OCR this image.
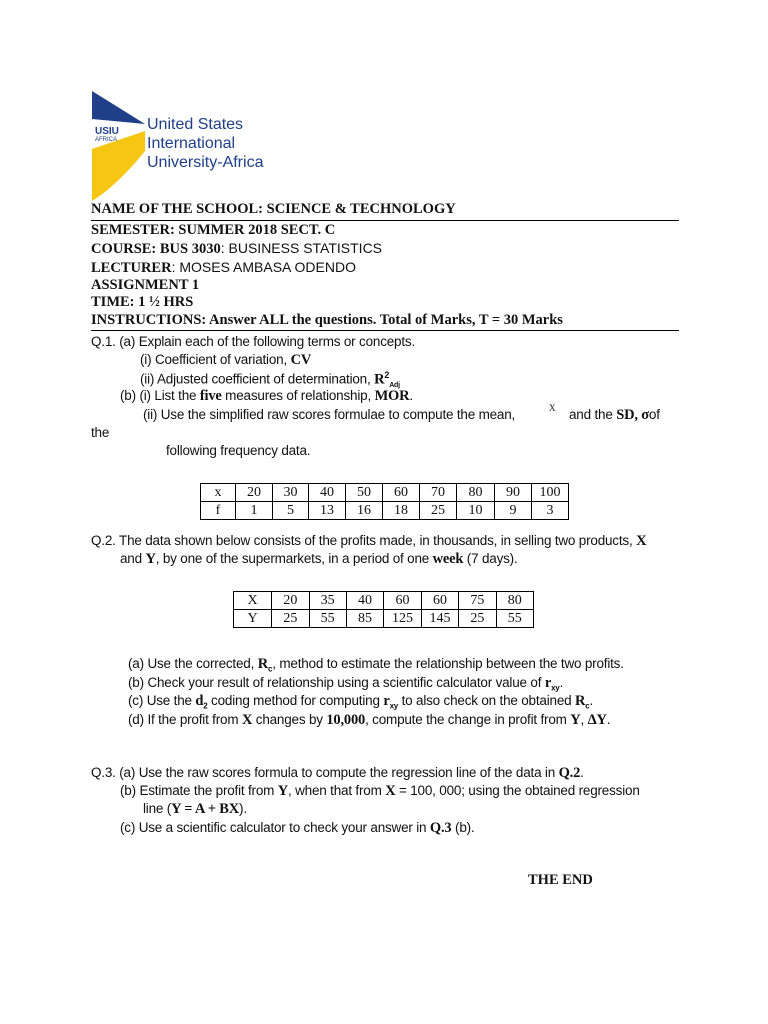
USIU
AFRICA
United States
International
University-Africa
NAME OF THE SCHOOL: SCIENCE & TECHNOLOGY
SEMESTER: SUMMER 2018 SECT. C
COURSE: BUS 3030: BUSINESS STATISTICS
LECTURER: MOSES AMBASA ODENDO
ASSIGNMENT 1
TIME: 1 ½ HRS
INSTRUCTIONS: Answer ALL the questions. Total of Marks, T = 30 Marks
Q.1. (a) Explain each of the following terms or concepts.
(i) Coefficient of variation, CV
(ii) Adjusted coefficient of determination, $R^2_{Adj}$
(b) (i) List the five measures of relationship, MOR.
(ii) Use the simplified raw scores formulae to compute the mean,	X and the SD, σof
the
following frequency data.
x	20	30	40	50	60	70	80	90	100
f	1	5	13	16	18	25	10	9	3
Q.2. The data shown below consists of the profits made, in thousands, in selling two products, X
and Y, by one of the supermarkets, in a period of one week (7 days).
X	20	35	40	60	60	75	80
Y	25	55	85	125	145	25	55
(a) Use the corrected, $R_c$, method to estimate the relationship between the two profits.
(b) Check your result of relationship using a scientific calculator value of $r_{xy}$.
(c) Use the $d_2$ coding method for computing $r_{xy}$ to also check on the obtained $R_c$.
(d) If the profit from X changes by 10,000, compute the change in profit from Y, ΔY.
Q.3. (a) Use the raw scores formula to compute the regression line of the data in Q.2.
(b) Estimate the profit from Y, when that from X = 100, 000; using the obtained regression
line (Y = A + BX).
(c) Use a scientific calculator to check your answer in Q.3 (b).
THE END
